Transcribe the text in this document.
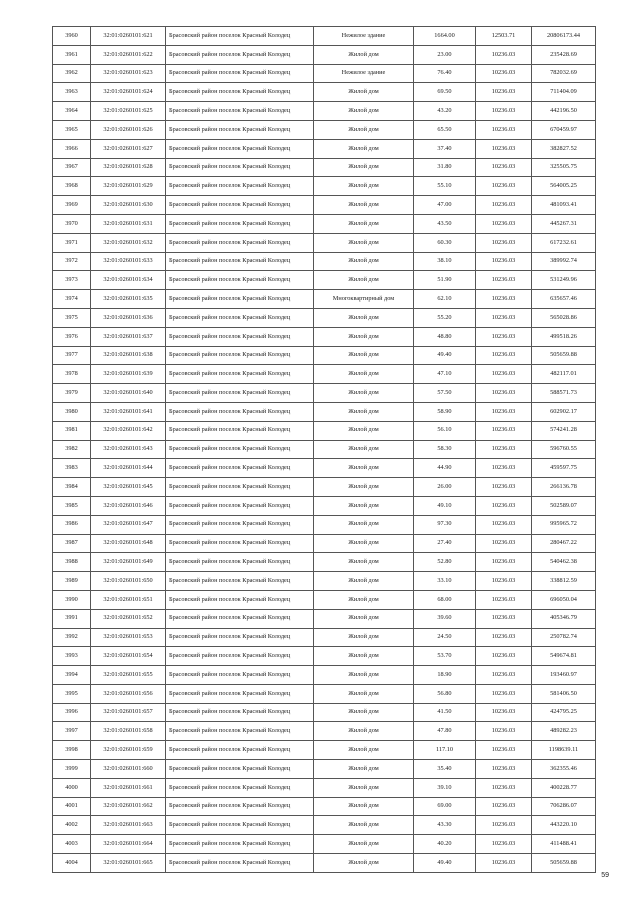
3960	32:01:0260101:621	Брасовский район поселок Красный Колодец	Нежилое здание	1664.00	12503.71	20806173.44
3961	32:01:0260101:622	Брасовский район поселок Красный Колодец	Жилой дом	23.00	10236.03	235428.69
3962	32:01:0260101:623	Брасовский район поселок Красный Колодец	Нежилое здание	76.40	10236.03	782032.69
3963	32:01:0260101:624	Брасовский район поселок Красный Колодец	Жилой дом	69.50	10236.03	711404.09
3964	32:01:0260101:625	Брасовский район поселок Красный Колодец	Жилой дом	43.20	10236.03	442196.50
3965	32:01:0260101:626	Брасовский район поселок Красный Колодец	Жилой дом	65.50	10236.03	670459.97
3966	32:01:0260101:627	Брасовский район поселок Красный Колодец	Жилой дом	37.40	10236.03	382827.52
3967	32:01:0260101:628	Брасовский район поселок Красный Колодец	Жилой дом	31.80	10236.03	325505.75
3968	32:01:0260101:629	Брасовский район поселок Красный Колодец	Жилой дом	55.10	10236.03	564005.25
3969	32:01:0260101:630	Брасовский район поселок Красный Колодец	Жилой дом	47.00	10236.03	481093.41
3970	32:01:0260101:631	Брасовский район поселок Красный Колодец	Жилой дом	43.50	10236.03	445267.31
3971	32:01:0260101:632	Брасовский район поселок Красный Колодец	Жилой дом	60.30	10236.03	617232.61
3972	32:01:0260101:633	Брасовский район поселок Красный Колодец	Жилой дом	38.10	10236.03	389992.74
3973	32:01:0260101:634	Брасовский район поселок Красный Колодец	Жилой дом	51.90	10236.03	531249.96
3974	32:01:0260101:635	Брасовский район поселок Красный Колодец	Многоквартирный дом	62.10	10236.03	635657.46
3975	32:01:0260101:636	Брасовский район поселок Красный Колодец	Жилой дом	55.20	10236.03	565028.86
3976	32:01:0260101:637	Брасовский район поселок Красный Колодец	Жилой дом	48.80	10236.03	499518.26
3977	32:01:0260101:638	Брасовский район поселок Красный Колодец	Жилой дом	49.40	10236.03	505659.88
3978	32:01:0260101:639	Брасовский район поселок Красный Колодец	Жилой дом	47.10	10236.03	482117.01
3979	32:01:0260101:640	Брасовский район поселок Красный Колодец	Жилой дом	57.50	10236.03	588571.73
3980	32:01:0260101:641	Брасовский район поселок Красный Колодец	Жилой дом	58.90	10236.03	602902.17
3981	32:01:0260101:642	Брасовский район поселок Красный Колодец	Жилой дом	56.10	10236.03	574241.28
3982	32:01:0260101:643	Брасовский район поселок Красный Колодец	Жилой дом	58.30	10236.03	596760.55
3983	32:01:0260101:644	Брасовский район поселок Красный Колодец	Жилой дом	44.90	10236.03	459597.75
3984	32:01:0260101:645	Брасовский район поселок Красный Колодец	Жилой дом	26.00	10236.03	266136.78
3985	32:01:0260101:646	Брасовский район поселок Красный Колодец	Жилой дом	49.10	10236.03	502589.07
3986	32:01:0260101:647	Брасовский район поселок Красный Колодец	Жилой дом	97.30	10236.03	995965.72
3987	32:01:0260101:648	Брасовский район поселок Красный Колодец	Жилой дом	27.40	10236.03	280467.22
3988	32:01:0260101:649	Брасовский район поселок Красный Колодец	Жилой дом	52.80	10236.03	540462.38
3989	32:01:0260101:650	Брасовский район поселок Красный Колодец	Жилой дом	33.10	10236.03	338812.59
3990	32:01:0260101:651	Брасовский район поселок Красный Колодец	Жилой дом	68.00	10236.03	696050.04
3991	32:01:0260101:652	Брасовский район поселок Красный Колодец	Жилой дом	39.60	10236.03	405346.79
3992	32:01:0260101:653	Брасовский район поселок Красный Колодец	Жилой дом	24.50	10236.03	250782.74
3993	32:01:0260101:654	Брасовский район поселок Красный Колодец	Жилой дом	53.70	10236.03	549674.81
3994	32:01:0260101:655	Брасовский район поселок Красный Колодец	Жилой дом	18.90	10236.03	193460.97
3995	32:01:0260101:656	Брасовский район поселок Красный Колодец	Жилой дом	56.80	10236.03	581406.50
3996	32:01:0260101:657	Брасовский район поселок Красный Колодец	Жилой дом	41.50	10236.03	424795.25
3997	32:01:0260101:658	Брасовский район поселок Красный Колодец	Жилой дом	47.80	10236.03	489282.23
3998	32:01:0260101:659	Брасовский район поселок Красный Колодец	Жилой дом	117.10	10236.03	1198639.11
3999	32:01:0260101:660	Брасовский район поселок Красный Колодец	Жилой дом	35.40	10236.03	362355.46
4000	32:01:0260101:661	Брасовский район поселок Красный Колодец	Жилой дом	39.10	10236.03	400228.77
4001	32:01:0260101:662	Брасовский район поселок Красный Колодец	Жилой дом	69.00	10236.03	706286.07
4002	32:01:0260101:663	Брасовский район поселок Красный Колодец	Жилой дом	43.30	10236.03	443220.10
4003	32:01:0260101:664	Брасовский район поселок Красный Колодец	Жилой дом	40.20	10236.03	411488.41
4004	32:01:0260101:665	Брасовский район поселок Красный Колодец	Жилой дом	49.40	10236.03	505659.88
59
